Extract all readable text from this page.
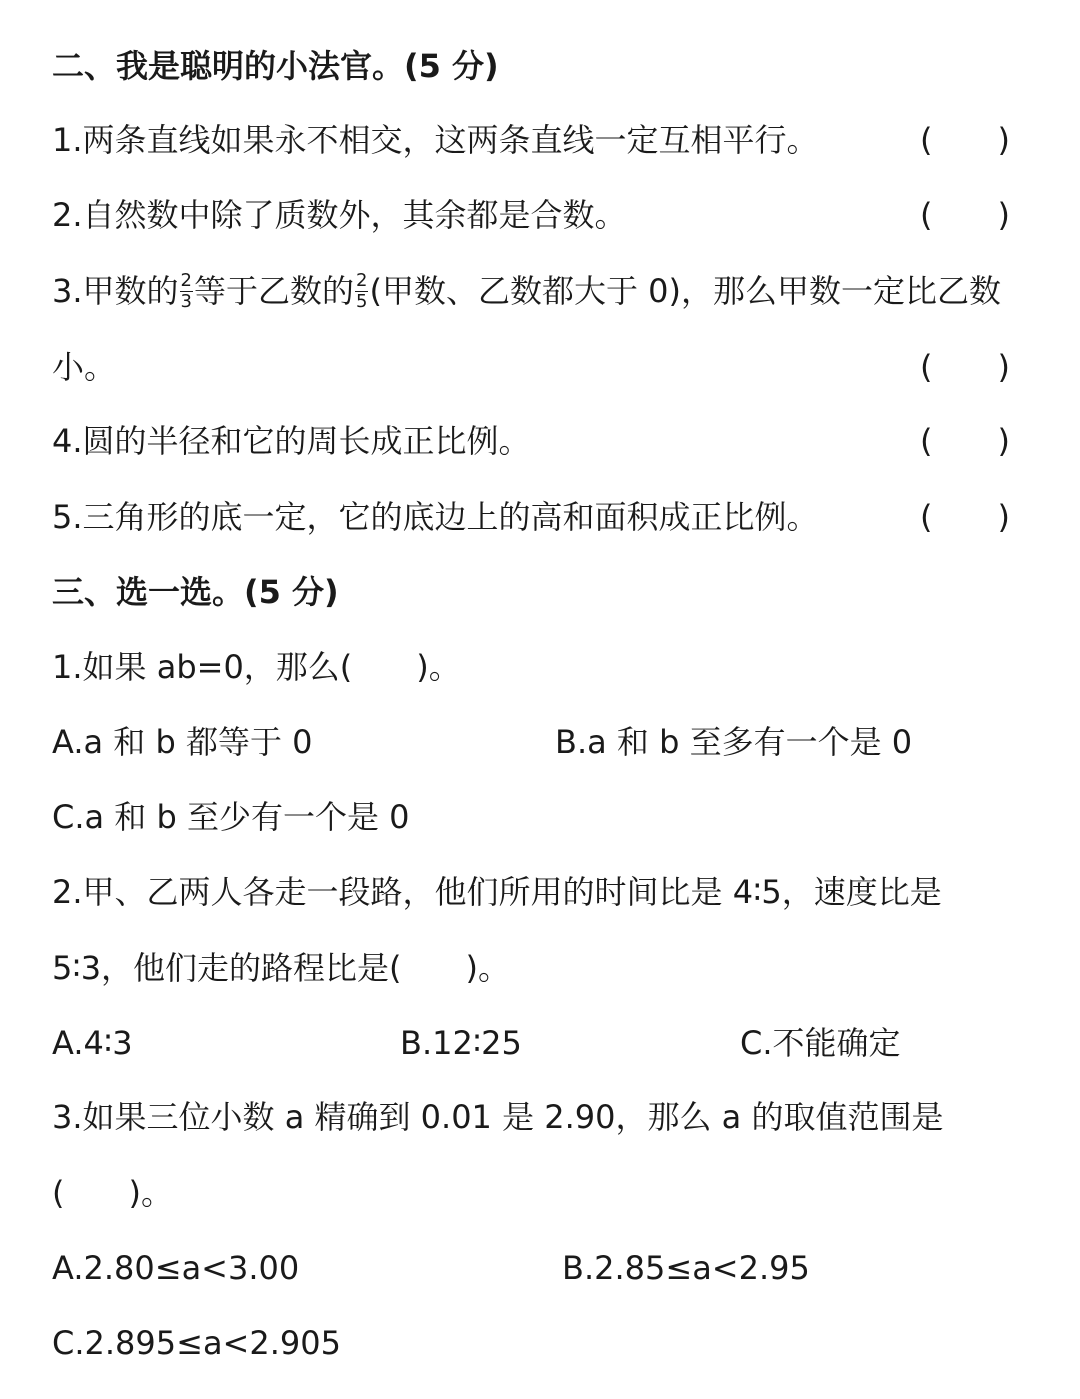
二、我是聪明的小法官。(5 分)
1.两条直线如果永不相交，这两条直线一定互相平行。	( )
2.自然数中除了质数外，其余都是合数。	( )
3.甲数的 $\frac{2}{3}$ 等于乙数的 $\frac{2}{5}$ (甲数、乙数都大于 0)，那么甲数一定比乙数
小。	( )
4.圆的半径和它的周长成正比例。	( )
5.三角形的底一定，它的底边上的高和面积成正比例。	( )
三、选一选。(5 分)
1.如果 ab=0，那么(　　)。
A.a 和 b 都等于 0	B.a 和 b 至多有一个是 0
C.a 和 b 至少有一个是 0
2.甲、乙两人各走一段路，他们所用的时间比是 4∶5，速度比是
5∶3，他们走的路程比是(　　)。
A.4∶3	B.12∶25	C.不能确定
3.如果三位小数 a 精确到 0.01 是 2.90，那么 a 的取值范围是
(　　)。
A.2.80≤a<3.00	B.2.85≤a<2.95
C.2.895≤a<2.905
